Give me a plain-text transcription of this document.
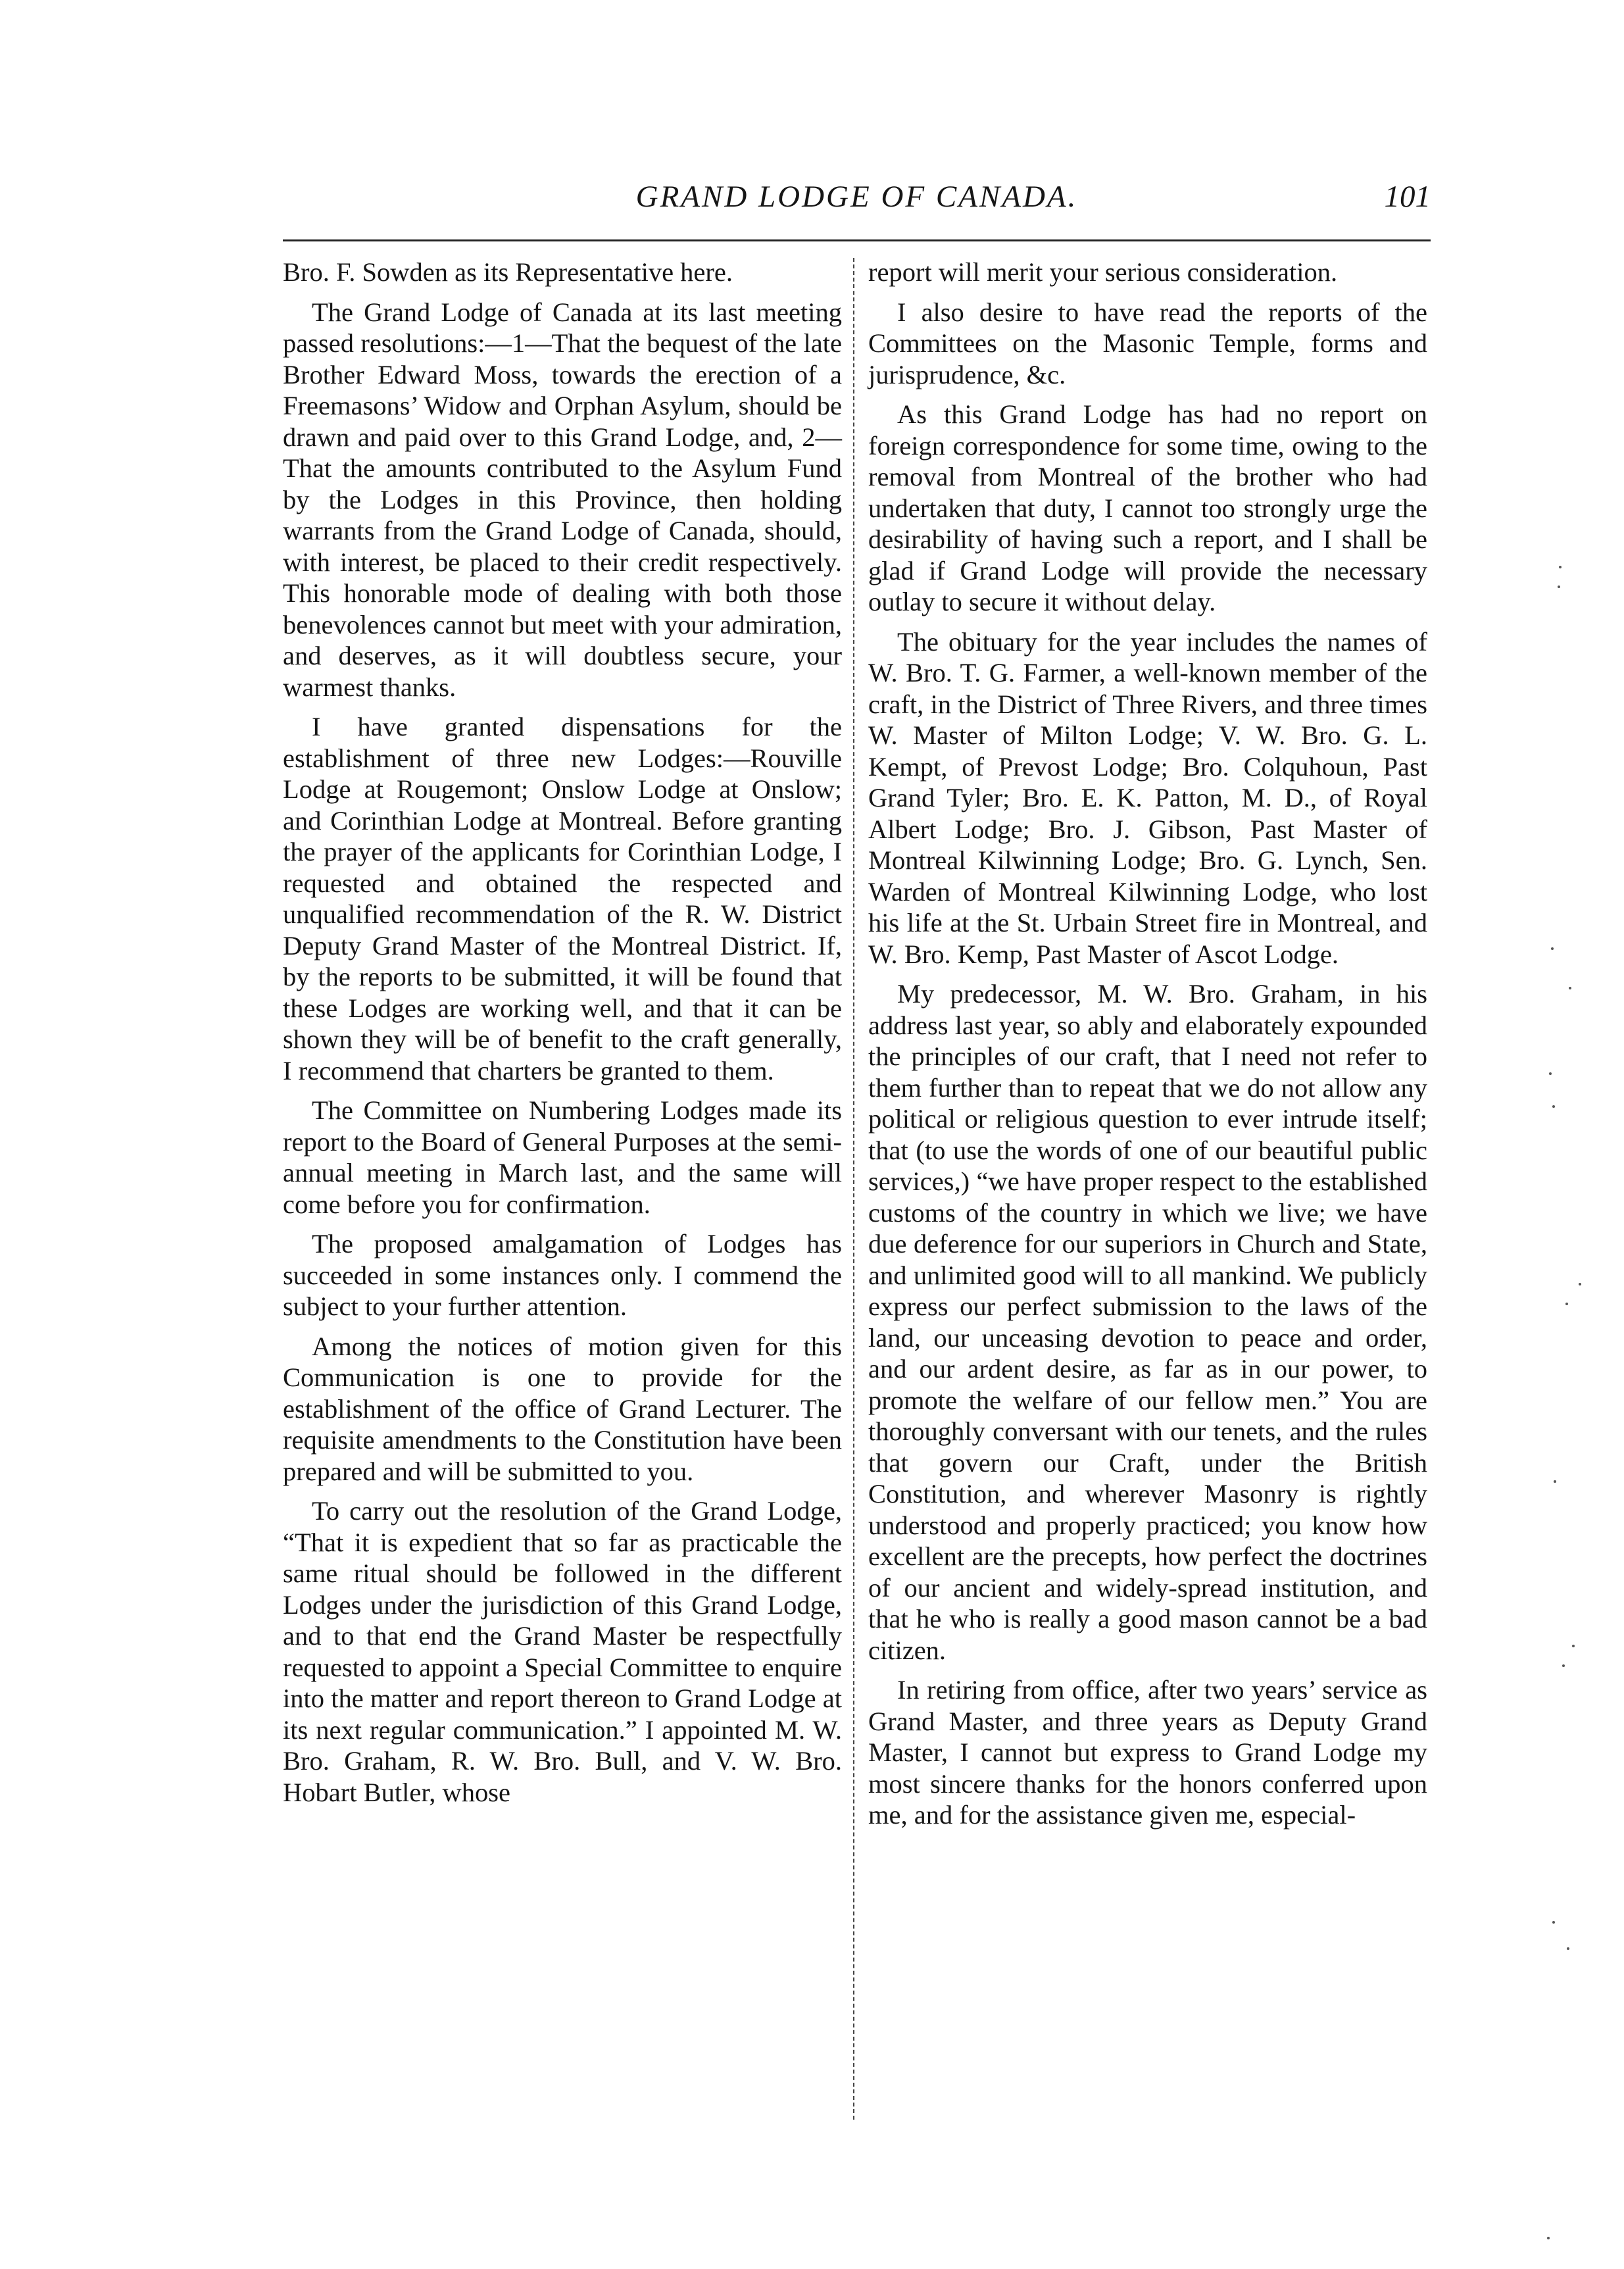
GRAND LODGE OF CANADA.	101

Bro. F. Sowden as its Representative here.

The Grand Lodge of Canada at its last meeting passed resolutions:—1—That the bequest of the late Brother Edward Moss, towards the erection of a Freemasons’ Widow and Orphan Asylum, should be drawn and paid over to this Grand Lodge, and, 2—That the amounts contributed to the Asylum Fund by the Lodges in this Province, then holding warrants from the Grand Lodge of Canada, should, with interest, be placed to their credit respectively. This honorable mode of dealing with both those benevolences cannot but meet with your admiration, and deserves, as it will doubtless secure, your warmest thanks.

I have granted dispensations for the establishment of three new Lodges:—Rouville Lodge at Rougemont; Onslow Lodge at Onslow; and Corinthian Lodge at Montreal. Before granting the prayer of the applicants for Corinthian Lodge, I requested and obtained the respected and unqualified recommendation of the R. W. District Deputy Grand Master of the Montreal District. If, by the reports to be submitted, it will be found that these Lodges are working well, and that it can be shown they will be of benefit to the craft generally, I recommend that charters be granted to them.

The Committee on Numbering Lodges made its report to the Board of General Purposes at the semi-annual meeting in March last, and the same will come before you for confirmation.

The proposed amalgamation of Lodges has succeeded in some instances only. I commend the subject to your further attention.

Among the notices of motion given for this Communication is one to provide for the establishment of the office of Grand Lecturer. The requisite amendments to the Constitution have been prepared and will be submitted to you.

To carry out the resolution of the Grand Lodge, “That it is expedient that so far as practicable the same ritual should be followed in the different Lodges under the jurisdiction of this Grand Lodge, and to that end the Grand Master be respectfully requested to appoint a Special Committee to enquire into the matter and report thereon to Grand Lodge at its next regular communication.” I appointed M. W. Bro. Graham, R. W. Bro. Bull, and V. W. Bro. Hobart Butler, whose

report will merit your serious consideration.

I also desire to have read the reports of the Committees on the Masonic Temple, forms and jurisprudence, &c.

As this Grand Lodge has had no report on foreign correspondence for some time, owing to the removal from Montreal of the brother who had undertaken that duty, I cannot too strongly urge the desirability of having such a report, and I shall be glad if Grand Lodge will provide the necessary outlay to secure it without delay.

The obituary for the year includes the names of W. Bro. T. G. Farmer, a well-known member of the craft, in the District of Three Rivers, and three times W. Master of Milton Lodge; V. W. Bro. G. L. Kempt, of Prevost Lodge; Bro. Colquhoun, Past Grand Tyler; Bro. E. K. Patton, M. D., of Royal Albert Lodge; Bro. J. Gibson, Past Master of Montreal Kilwinning Lodge; Bro. G. Lynch, Sen. Warden of Montreal Kilwinning Lodge, who lost his life at the St. Urbain Street fire in Montreal, and W. Bro. Kemp, Past Master of Ascot Lodge.

My predecessor, M. W. Bro. Graham, in his address last year, so ably and elaborately expounded the principles of our craft, that I need not refer to them further than to repeat that we do not allow any political or religious question to ever intrude itself; that (to use the words of one of our beautiful public services,) “we have proper respect to the established customs of the country in which we live; we have due deference for our superiors in Church and State, and unlimited good will to all mankind. We publicly express our perfect submission to the laws of the land, our unceasing devotion to peace and order, and our ardent desire, as far as in our power, to promote the welfare of our fellow men.” You are thoroughly conversant with our tenets, and the rules that govern our Craft, under the British Constitution, and wherever Masonry is rightly understood and properly practiced; you know how excellent are the precepts, how perfect the doctrines of our ancient and widely-spread institution, and that he who is really a good mason cannot be a bad citizen.

In retiring from office, after two years’ service as Grand Master, and three years as Deputy Grand Master, I cannot but express to Grand Lodge my most sincere thanks for the honors conferred upon me, and for the assistance given me, especial-
